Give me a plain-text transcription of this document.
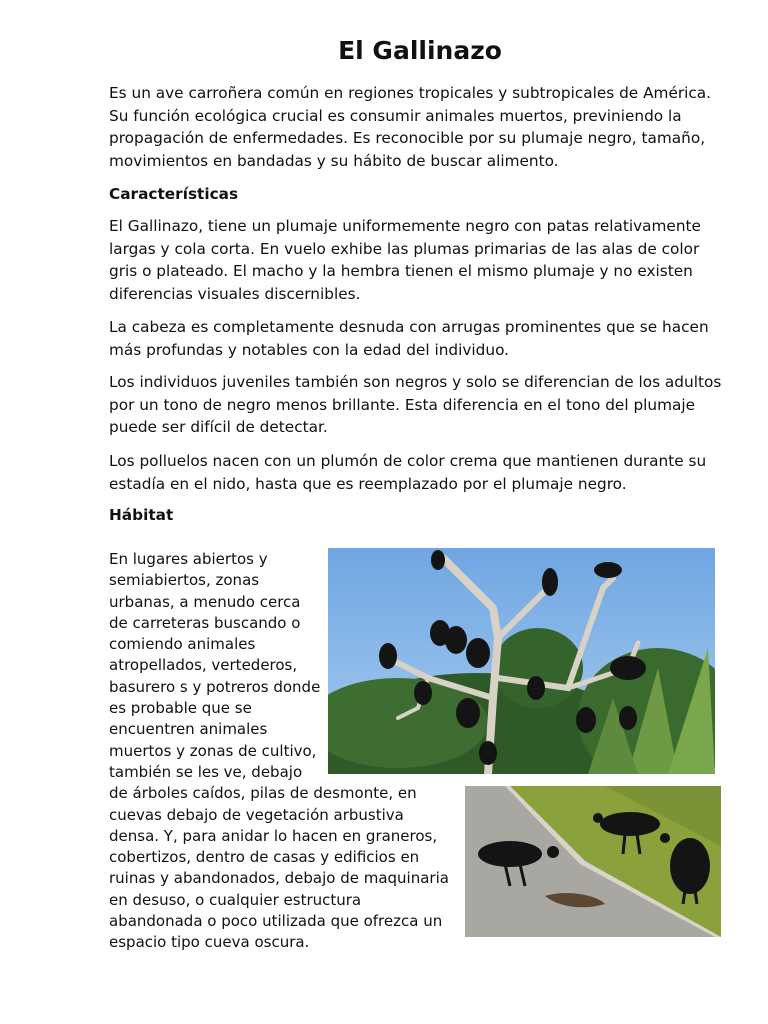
El Gallinazo

Es un ave carroñera común en regiones tropicales y subtropicales de América. Su función ecológica crucial es consumir animales muertos, previniendo la propagación de enfermedades. Es reconocible por su plumaje negro, tamaño, movimientos en bandadas y su hábito de buscar alimento.

Características

El Gallinazo, tiene un plumaje uniformemente negro con patas relativamente largas y cola corta. En vuelo exhibe las plumas primarias de las alas de color gris o plateado. El macho y la hembra tienen el mismo plumaje y no existen diferencias visuales discernibles.

La cabeza es completamente desnuda con arrugas prominentes que se hacen más profundas y notables con la edad del individuo.

Los individuos juveniles también son negros y solo se diferencian de los adultos por un tono de negro menos brillante. Esta diferencia en el tono del plumaje puede ser difícil de detectar.

Los polluelos nacen con un plumón de color crema que mantienen durante su estadía en el nido, hasta que es reemplazado por el plumaje negro.

Hábitat
En lugares abiertos y semiabiertos, zonas urbanas, a menudo cerca de carreteras buscando o comiendo animales atropellados, vertederos, basurero s y potreros donde es probable que se encuentren animales muertos y zonas de cultivo, también se les ve, debajo de árboles caídos, pilas de desmonte, en cuevas debajo de vegetación arbustiva densa. Y, para anidar lo hacen en graneros, cobertizos, dentro de casas y edificios en ruinas y abandonados, debajo de maquinaria en desuso, o cualquier estructura abandonada o poco utilizada que ofrezca un espacio tipo cueva oscura.
